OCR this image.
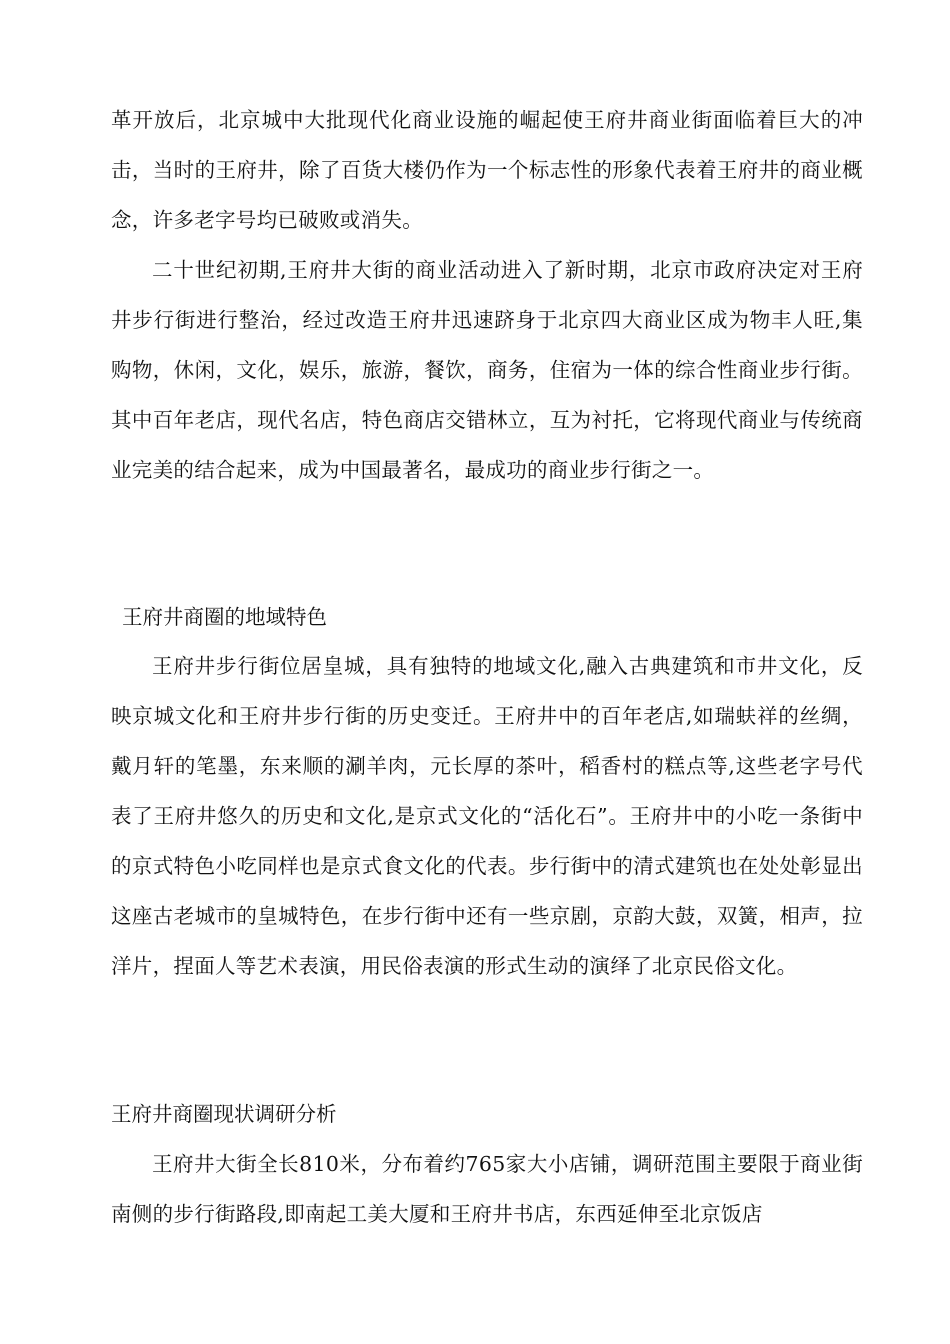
革开放后，北京城中大批现代化商业设施的崛起使王府井商业街面临着巨大的冲击，当时的王府井，除了百货大楼仍作为一个标志性的形象代表着王府井的商业概念，许多老字号均已破败或消失。

二十世纪初期,王府井大街的商业活动进入了新时期，北京市政府决定对王府井步行街进行整治，经过改造王府井迅速跻身于北京四大商业区成为物丰人旺,集购物，休闲，文化，娱乐，旅游，餐饮，商务，住宿为一体的综合性商业步行街。其中百年老店，现代名店，特色商店交错林立，互为衬托，它将现代商业与传统商业完美的结合起来，成为中国最著名，最成功的商业步行街之一。

王府井商圈的地域特色

王府井步行街位居皇城，具有独特的地域文化,融入古典建筑和市井文化，反映京城文化和王府井步行街的历史变迁。王府井中的百年老店,如瑞蚨祥的丝绸，戴月轩的笔墨，东来顺的涮羊肉，元长厚的茶叶，稻香村的糕点等,这些老字号代表了王府井悠久的历史和文化,是京式文化的“活化石”。王府井中的小吃一条街中的京式特色小吃同样也是京式食文化的代表。步行街中的清式建筑也在处处彰显出这座古老城市的皇城特色，在步行街中还有一些京剧，京韵大鼓，双簧，相声，拉洋片，捏面人等艺术表演，用民俗表演的形式生动的演绎了北京民俗文化。

王府井商圈现状调研分析

王府井大街全长810米，分布着约765家大小店铺，调研范围主要限于商业街南侧的步行街路段,即南起工美大厦和王府井书店，东西延伸至北京饭店
